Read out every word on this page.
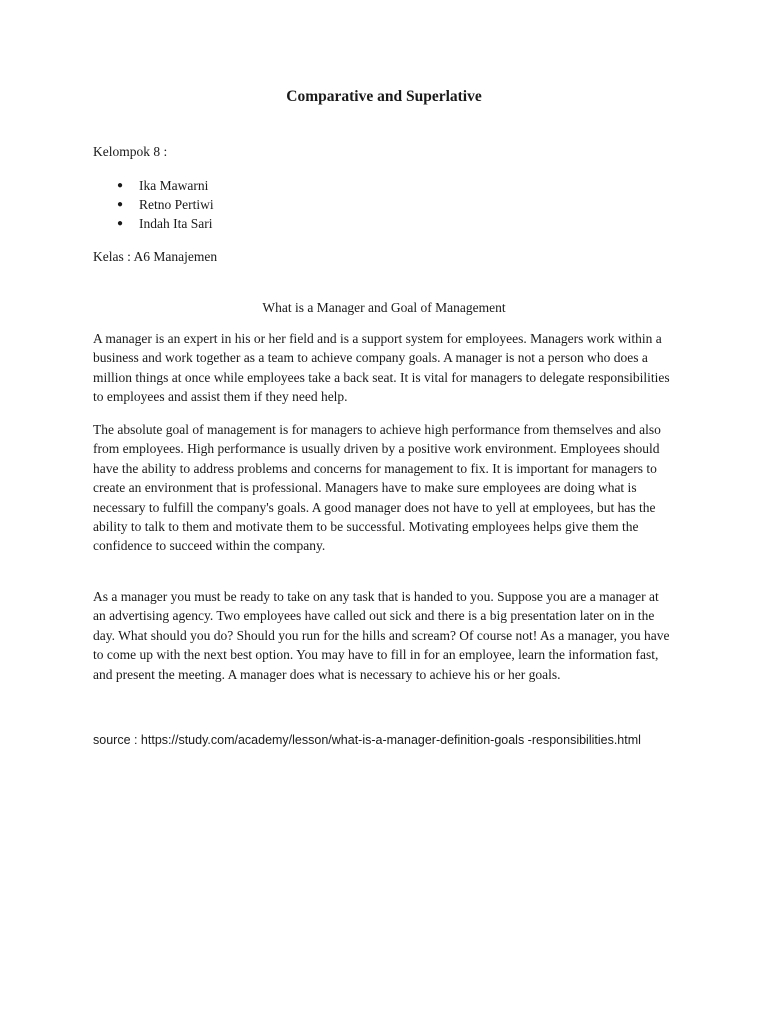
Comparative and Superlative
Kelompok 8 :
● Ika Mawarni
● Retno Pertiwi
● Indah Ita Sari
Kelas : A6 Manajemen
What is a Manager and Goal of Management

A manager is an expert in his or her field and is a support system for employees. Managers work within a business and work together as a team to achieve company goals. A manager is not a person who does a million things at once while employees take a back seat. It is vital for managers to delegate responsibilities to employees and assist them if they need help.

The absolute goal of management is for managers to achieve high performance from themselves and also from employees. High performance is usually driven by a positive work environment. Employees should have the ability to address problems and concerns for management to fix. It is important for managers to create an environment that is professional. Managers have to make sure employees are doing what is necessary to fulfill the company's goals. A good manager does not have to yell at employees, but has the ability to talk to them and motivate them to be successful. Motivating employees helps give them the confidence to succeed within the company.

As a manager you must be ready to take on any task that is handed to you. Suppose you are a manager at an advertising agency. Two employees have called out sick and there is a big presentation later on in the day. What should you do? Should you run for the hills and scream? Of course not! As a manager, you have to come up with the next best option. You may have to fill in for an employee, learn the information fast, and present the meeting. A manager does what is necessary to achieve his or her goals.

source : https://study.com/academy/lesson/what-is-a-manager-definition-goals -responsibilities.html
